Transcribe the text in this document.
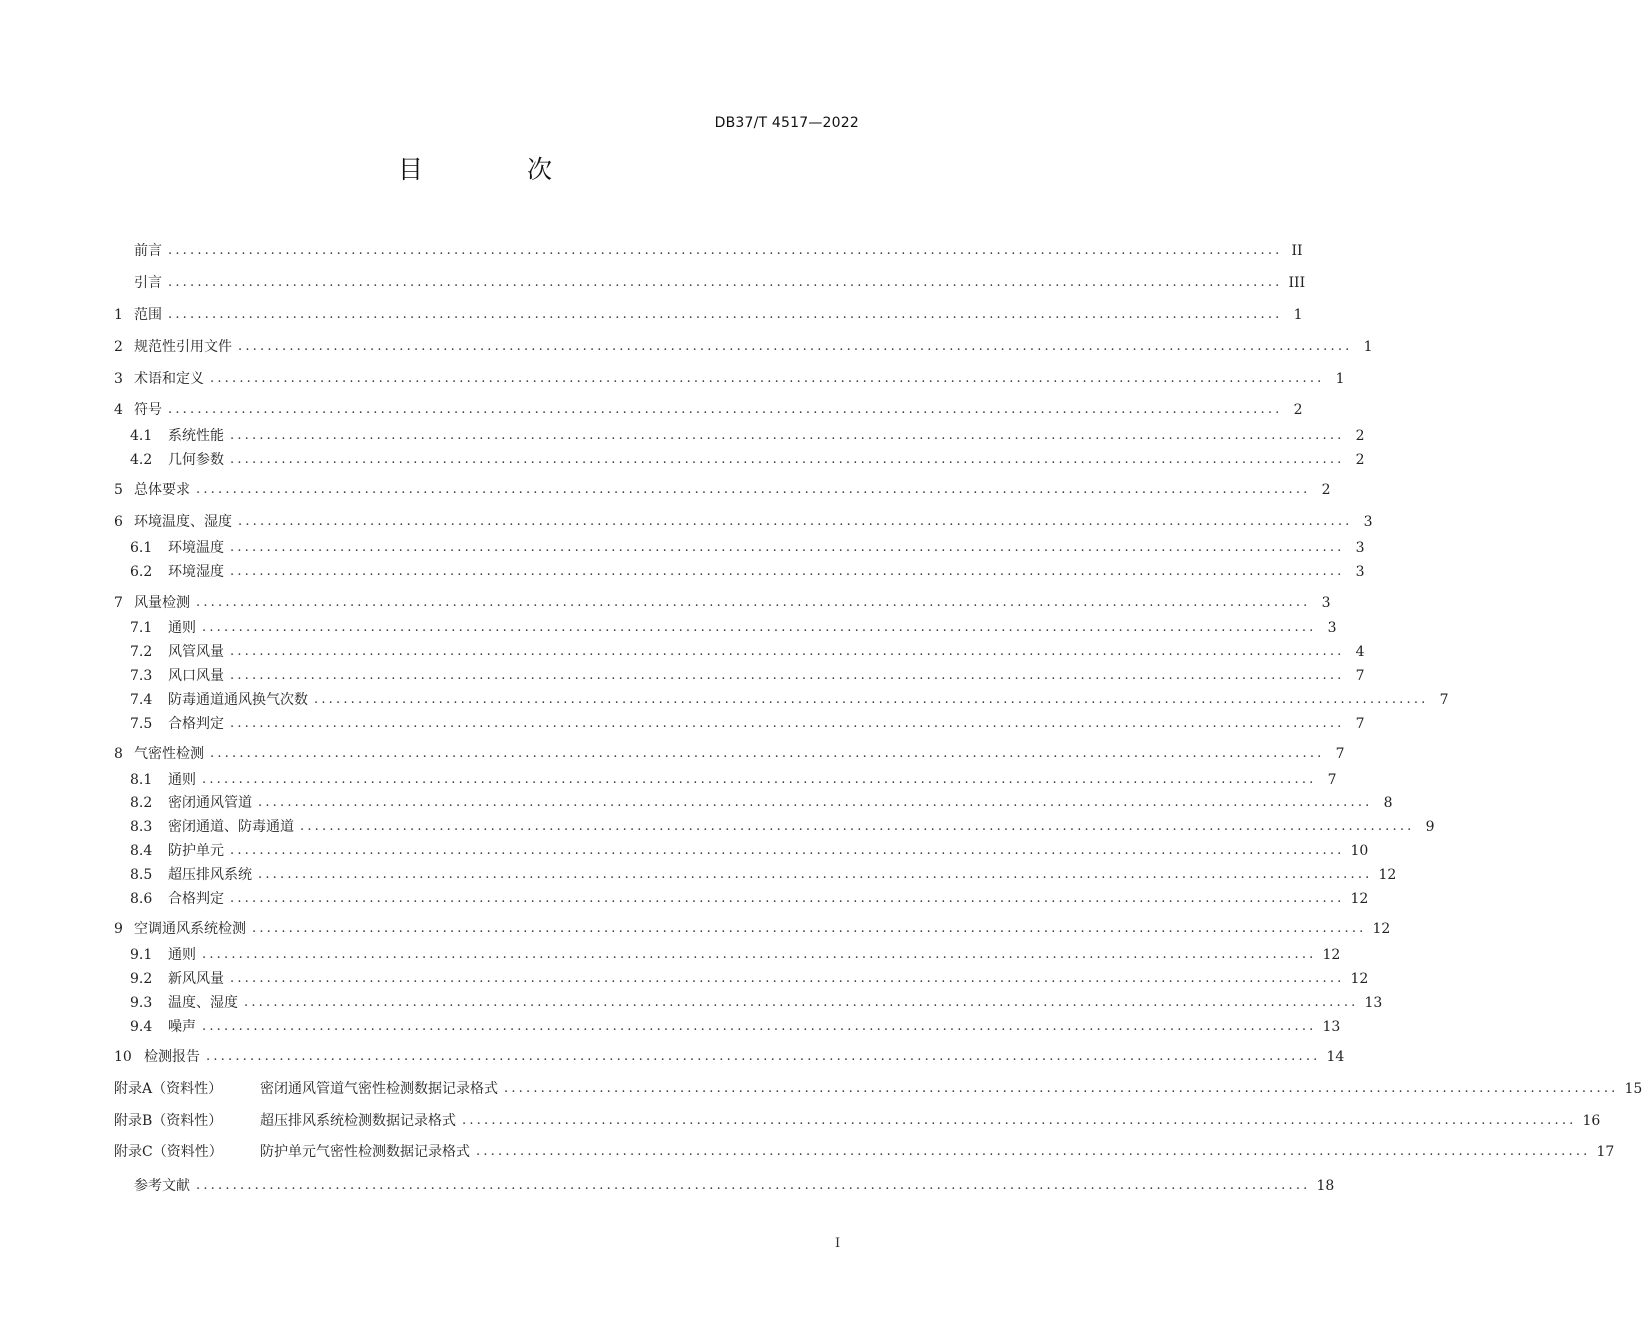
DB37/T 4517—2022
目 次
前言 ........................................................................................................................................................ II
引言 ........................................................................................................................................................ III
1 范围 ........................................................................................................................................................ 1
2 规范性引用文件 ........................................................................................................................................................ 1
3 术语和定义 ........................................................................................................................................................ 1
4 符号 ........................................................................................................................................................ 2
4.1 系统性能 ........................................................................................................................................................ 2
4.2 几何参数 ........................................................................................................................................................ 2
5 总体要求 ........................................................................................................................................................ 2
6 环境温度、湿度 ........................................................................................................................................................ 3
6.1 环境温度 ........................................................................................................................................................ 3
6.2 环境湿度 ........................................................................................................................................................ 3
7 风量检测 ........................................................................................................................................................ 3
7.1 通则 ........................................................................................................................................................ 3
7.2 风管风量 ........................................................................................................................................................ 4
7.3 风口风量 ........................................................................................................................................................ 7
7.4 防毒通道通风换气次数 ........................................................................................................................................................ 7
7.5 合格判定 ........................................................................................................................................................ 7
8 气密性检测 ........................................................................................................................................................ 7
8.1 通则 ........................................................................................................................................................ 7
8.2 密闭通风管道 ........................................................................................................................................................ 8
8.3 密闭通道、防毒通道 ........................................................................................................................................................ 9
8.4 防护单元 ........................................................................................................................................................ 10
8.5 超压排风系统 ........................................................................................................................................................ 12
8.6 合格判定 ........................................................................................................................................................ 12
9 空调通风系统检测 ........................................................................................................................................................ 12
9.1 通则 ........................................................................................................................................................ 12
9.2 新风风量 ........................................................................................................................................................ 12
9.3 温度、湿度 ........................................................................................................................................................ 13
9.4 噪声 ........................................................................................................................................................ 13
10 检测报告 ........................................................................................................................................................ 14
附录A（资料性）	密闭通风管道气密性检测数据记录格式 ........................................................................................................................................................ 15
附录B（资料性）	超压排风系统检测数据记录格式 ........................................................................................................................................................ 16
附录C（资料性）	防护单元气密性检测数据记录格式 ........................................................................................................................................................ 17
参考文献 ........................................................................................................................................................ 18
I
